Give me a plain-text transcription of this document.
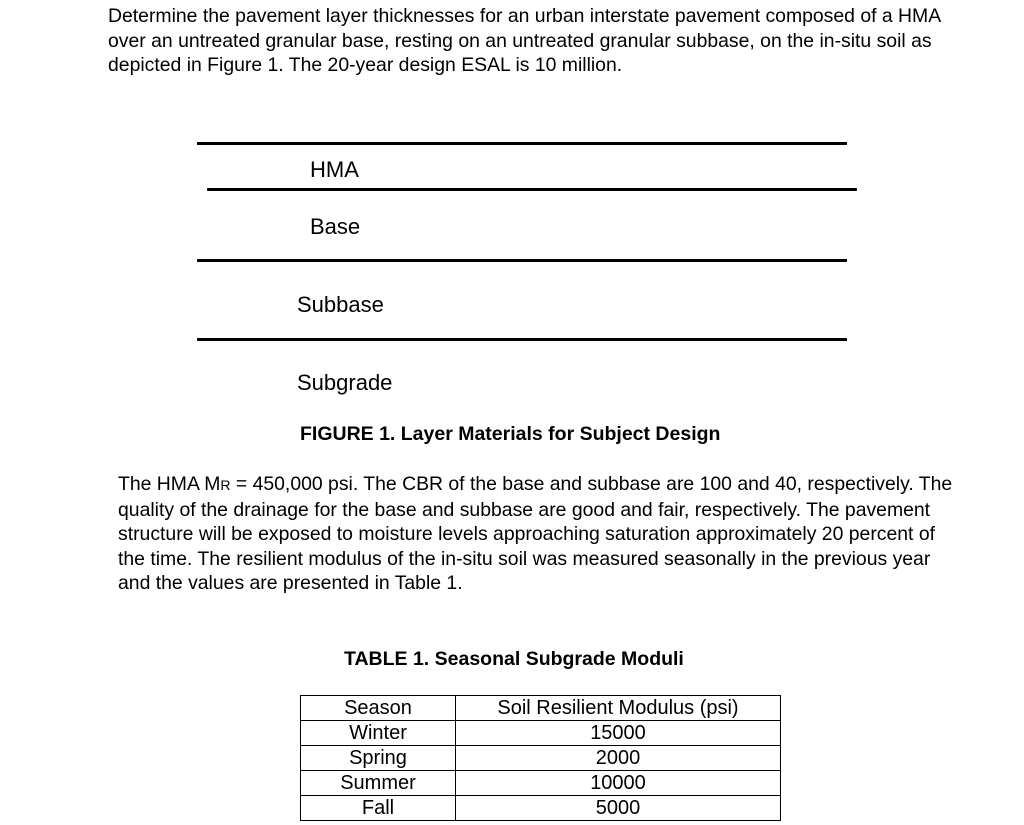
Determine the pavement layer thicknesses for an urban interstate pavement composed of a HMA over an untreated granular base, resting on an untreated granular subbase, on the in-situ soil as depicted in Figure 1. The 20-year design ESAL is 10 million.

HMA
Base
Subbase
Subgrade
FIGURE 1. Layer Materials for Subject Design

The HMA MR = 450,000 psi. The CBR of the base and subbase are 100 and 40, respectively. The quality of the drainage for the base and subbase are good and fair, respectively. The pavement structure will be exposed to moisture levels approaching saturation approximately 20 percent of the time. The resilient modulus of the in-situ soil was measured seasonally in the previous year and the values are presented in Table 1.

TABLE 1. Seasonal Subgrade Moduli
Season	Soil Resilient Modulus (psi)
Winter	15000
Spring	2000
Summer	10000
Fall	5000
